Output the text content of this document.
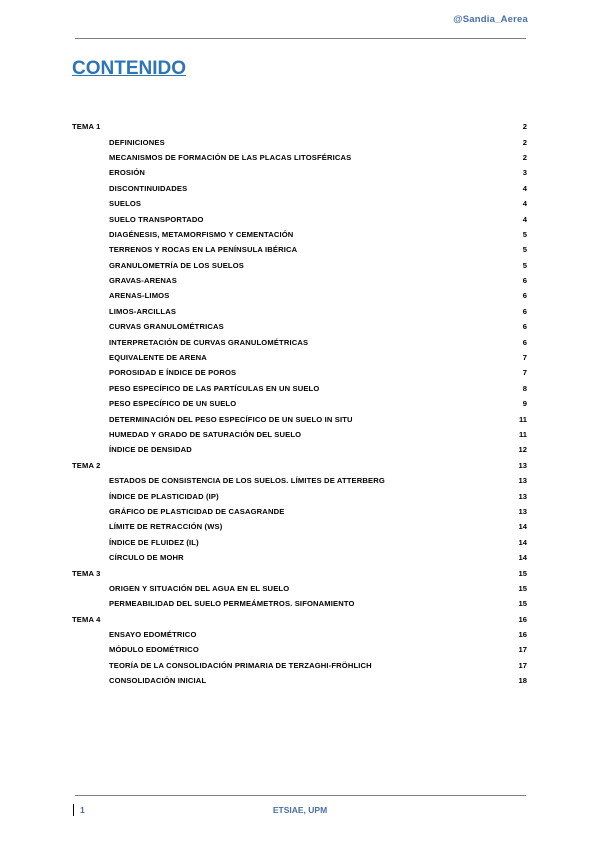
@Sandia_Aerea
CONTENIDO
TEMA 1	2
DEFINICIONES	2
MECANISMOS DE FORMACIÓN DE LAS PLACAS LITOSFÉRICAS	2
EROSIÓN	3
DISCONTINUIDADES	4
SUELOS	4
SUELO TRANSPORTADO	4
DIAGÉNESIS, METAMORFISMO Y CEMENTACIÓN	5
TERRENOS Y ROCAS EN LA PENÍNSULA IBÉRICA	5
GRANULOMETRÍA DE LOS SUELOS	5
GRAVAS-ARENAS	6
ARENAS-LIMOS	6
LIMOS-ARCILLAS	6
CURVAS GRANULOMÉTRICAS	6
INTERPRETACIÓN DE CURVAS GRANULOMÉTRICAS	6
EQUIVALENTE DE ARENA	7
POROSIDAD E ÍNDICE DE POROS	7
PESO ESPECÍFICO DE LAS PARTÍCULAS EN UN SUELO	8
PESO ESPECÍFICO DE UN SUELO	9
DETERMINACIÓN DEL PESO ESPECÍFICO DE UN SUELO IN SITU	11
HUMEDAD Y GRADO DE SATURACIÓN DEL SUELO	11
ÍNDICE DE DENSIDAD	12
TEMA 2	13
ESTADOS DE CONSISTENCIA DE LOS SUELOS. LÍMITES DE ATTERBERG	13
ÍNDICE DE PLASTICIDAD (IP)	13
GRÁFICO DE PLASTICIDAD DE CASAGRANDE	13
LÍMITE DE RETRACCIÓN (WS)	14
ÍNDICE DE FLUIDEZ (IL)	14
CÍRCULO DE MOHR	14
TEMA 3	15
ORIGEN Y SITUACIÓN DEL AGUA EN EL SUELO	15
PERMEABILIDAD DEL SUELO PERMEÁMETROS. SIFONAMIENTO	15
TEMA 4	16
ENSAYO EDOMÉTRICO	16
MÓDULO EDOMÉTRICO	17
TEORÍA DE LA CONSOLIDACIÓN PRIMARIA DE TERZAGHI-FRÖHLICH	17
CONSOLIDACIÓN INICIAL	18
1	ETSIAE, UPM
